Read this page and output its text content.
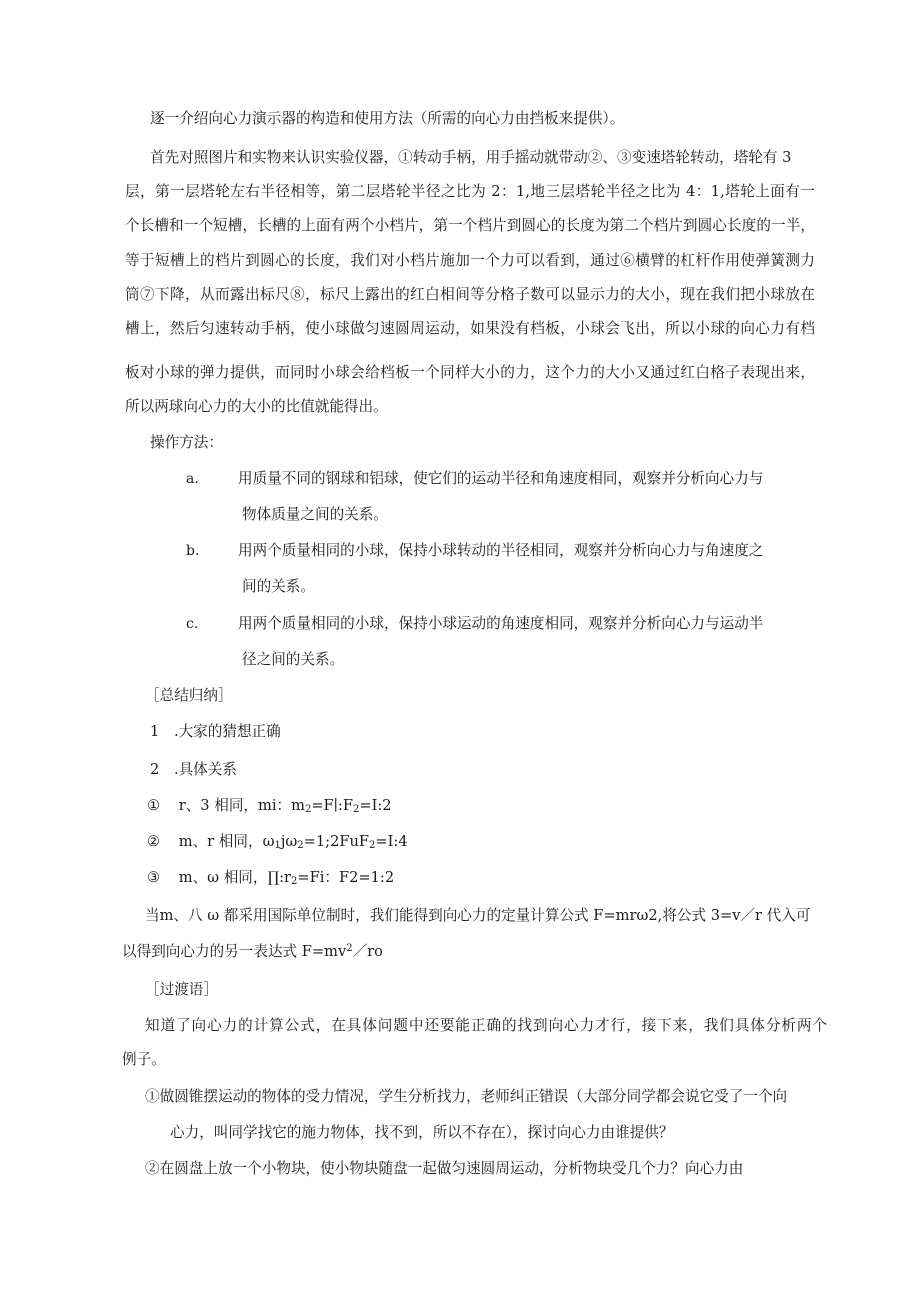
逐一介绍向心力演示器的构造和使用方法（所需的向心力由挡板来提供）。
首先对照图片和实物来认识实验仪器，①转动手柄，用手摇动就带动②、③变速塔轮转动，塔轮有 3
层，第一层塔轮左右半径相等，第二层塔轮半径之比为 2：1,地三层塔轮半径之比为 4：1,塔轮上面有一
个长槽和一个短槽，长槽的上面有两个小档片，第一个档片到圆心的长度为第二个档片到圆心长度的一半，
等于短槽上的档片到圆心的长度，我们对小档片施加一个力可以看到，通过⑥横臂的杠杆作用使弹簧测力
筒⑦下降，从而露出标尺⑧，标尺上露出的红白相间等分格子数可以显示力的大小，现在我们把小球放在
槽上，然后匀速转动手柄，使小球做匀速圆周运动，如果没有档板，小球会飞出，所以小球的向心力有档
板对小球的弹力提供，而同时小球会给档板一个同样大小的力，这个力的大小又通过红白格子表现出来，
所以两球向心力的大小的比值就能得出。
操作方法：
a.	用质量不同的钢球和铝球，使它们的运动半径和角速度相同，观察并分析向心力与
物体质量之间的关系。
b.	用两个质量相同的小球，保持小球转动的半径相同，观察并分析向心力与角速度之
间的关系。
c.	用两个质量相同的小球，保持小球运动的角速度相同，观察并分析向心力与运动半
径之间的关系。
［总结归纳］
1 .大家的猜想正确
2 .具体关系
① r、3 相同，mi：$m_2=F∣:F_2=I:2$
② m、r 相同，$\omega_1j\omega_2=1;2FuF_2=I:4$
③ m、ω 相同，$\prod:r_2=Fi$：F2=1:2
当m、八 ω 都采用国际单位制时，我们能得到向心力的定量计算公式 F=mrω2,将公式 3=v／r 代入可
以得到向心力的另一表达式 $F=mv^2/ro$
［过渡语］
知道了向心力的计算公式，在具体问题中还要能正确的找到向心力才行，接下来，我们具体分析两个
例子。
①做圆锥摆运动的物体的受力情况，学生分析找力，老师纠正错误（大部分同学都会说它受了一个向
心力，叫同学找它的施力物体，找不到，所以不存在），探讨向心力由谁提供？
②在圆盘上放一个小物块，使小物块随盘一起做匀速圆周运动，分析物块受几个力？向心力由
